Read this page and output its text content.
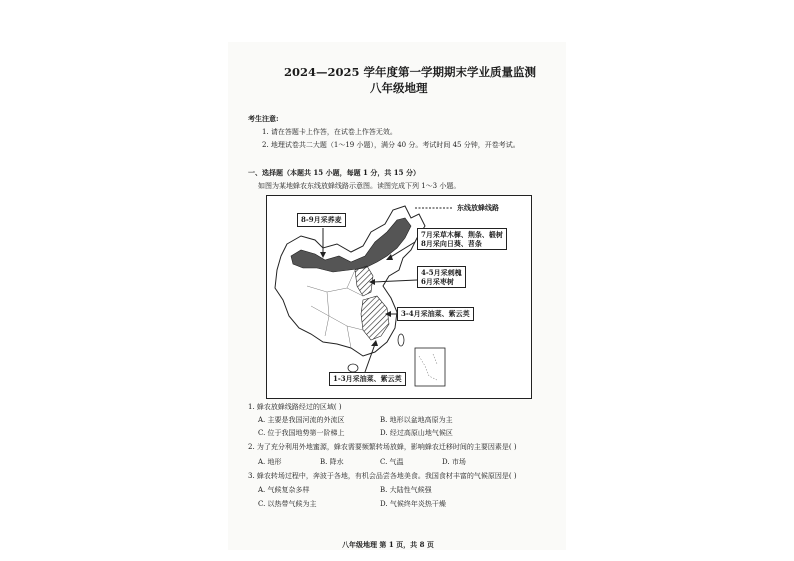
2024—2025 学年度第一学期期末学业质量监测
八年级地理
考生注意:
1. 请在答题卡上作答，在试卷上作答无效。
2. 地理试卷共二大题（1～19 小题），满分 40 分。考试时间 45 分钟，开卷考试。
一、选择题（本题共 15 小题，每题 1 分，共 15 分）
如图为某地蜂农东线放蜂线路示意图。读图完成下列 1～3 小题。
东线放蜂线路
8-9月采荞麦
7月采草木樨、荆条、椴树
8月采向日葵、苕条
4-5月采刺槐
6月采枣树
3-4月采油菜、紫云英
1-3月采油菜、紫云英
1. 蜂农放蜂线路经过的区域( )
A. 主要是我国河流的外流区	B. 地形以盆地高原为主
C. 位于我国地势第一阶梯上	D. 经过高原山地气候区
2. 为了充分利用外地蜜源，蜂农需要频繁转场放蜂，影响蜂农迁移时间的主要因素是( )
A. 地形	B. 降水	C. 气温	D. 市场
3. 蜂农转场过程中，奔波于各地，有机会品尝各地美食。我国食材丰富的气候原因是( )
A. 气候复杂多样	B. 大陆性气候强
C. 以热带气候为主	D. 气候终年炎热干燥
八年级地理 第 1 页，共 8 页
